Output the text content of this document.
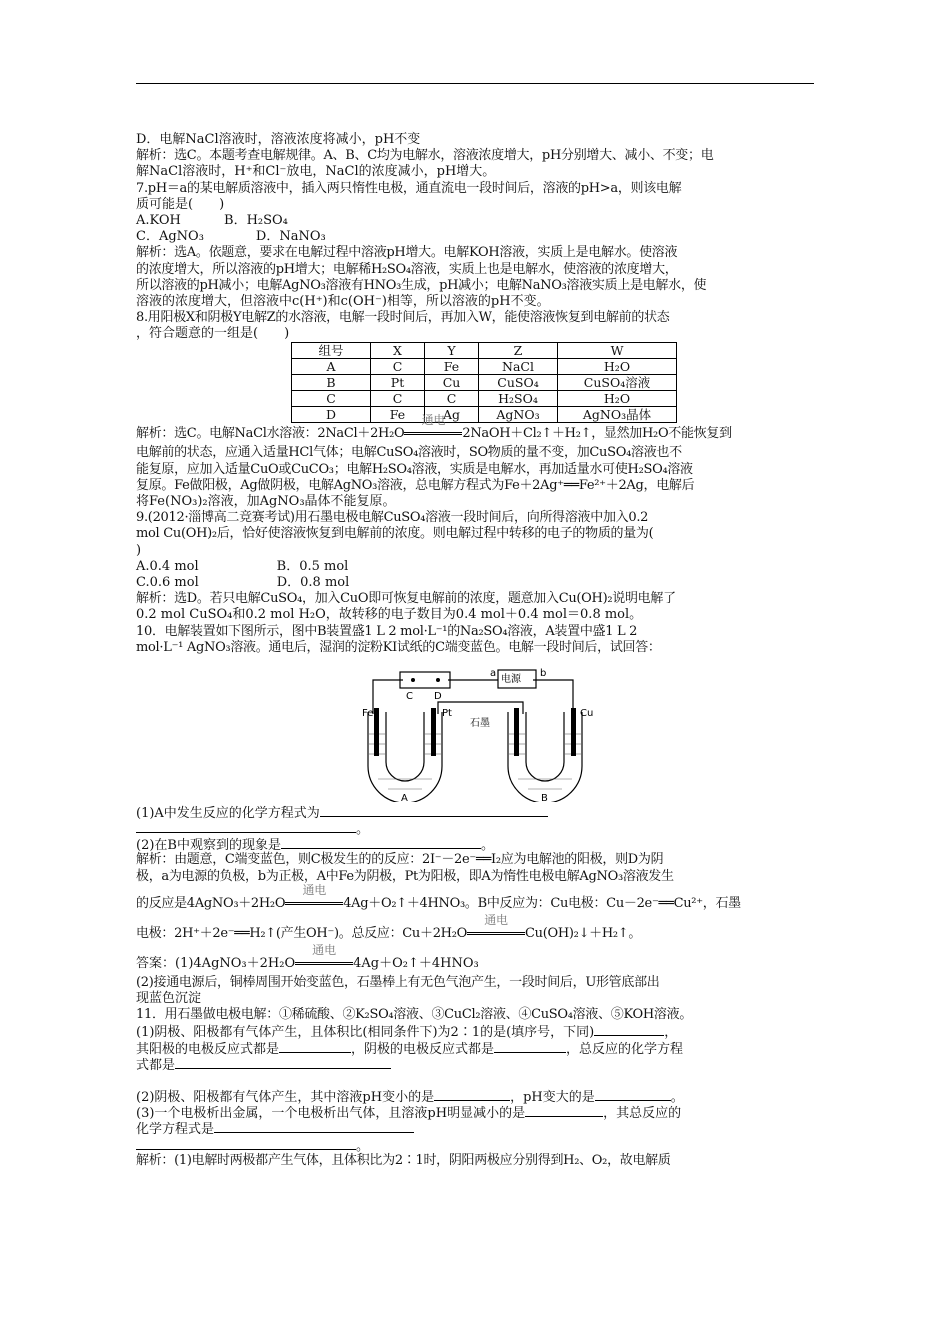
D．电解NaCl溶液时，溶液浓度将减小，pH不变
解析：选C。本题考查电解规律。A、B、C均为电解水，溶液浓度增大，pH分别增大、减小、不变；电
解NaCl溶液时，H⁺和Cl⁻放电，NaCl的浓度减小，pH增大。
7.pH＝a的某电解质溶液中，插入两只惰性电极，通直流电一段时间后，溶液的pH>a，则该电解
质可能是(　　)
A.KOH　　　 B．H₂SO₄
C．AgNO₃　　　　D．NaNO₃
解析：选A。依题意，要求在电解过程中溶液pH增大。电解KOH溶液，实质上是电解水。使溶液
的浓度增大，所以溶液的pH增大；电解稀H₂SO₄溶液，实质上也是电解水，使溶液的浓度增大，
所以溶液的pH减小；电解AgNO₃溶液有HNO₃生成，pH减小；电解NaNO₃溶液实质上是电解水，使
溶液的浓度增大，但溶液中c(H⁺)和c(OH⁻)相等，所以溶液的pH不变。
8.用阳极X和阴极Y电解Z的水溶液，电解一段时间后，再加入W，能使溶液恢复到电解前的状态
，符合题意的一组是(　　)
组号	X	Y	Z	W
A	C	Fe	NaCl	H₂O
B	Pt	Cu	CuSO₄	CuSO₄溶液
C	C	C	H₂SO₄	H₂O
D	Fe	Ag	AgNO₃	AgNO₃晶体
解析：选C。电解NaCl水溶液：2NaCl＋2H₂O
通电
2NaOH＋Cl₂↑＋H₂↑，显然加H₂O不能恢复到
电解前的状态，应通入适量HCl气体；电解CuSO₄溶液时，SO物质的量不变，加CuSO₄溶液也不
能复原，应加入适量CuO或CuCO₃；电解H₂SO₄溶液，实质是电解水，再加适量水可使H₂SO₄溶液
复原。Fe做阳极，Ag做阴极，电解AgNO₃溶液，总电解方程式为Fe＋2Ag⁺══Fe²⁺＋2Ag，电解后
将Fe(NO₃)₂溶液，加AgNO₃晶体不能复原。
9.(2012·淄博高二竞赛考试)用石墨电极电解CuSO₄溶液一段时间后，向所得溶液中加入0.2
mol Cu(OH)₂后，恰好使溶液恢复到电解前的浓度。则电解过程中转移的电子的物质的量为(
)
A.0.4 mol　　　　　　B．0.5 mol
C.0.6 mol　　　　　　D．0.8 mol
解析：选D。若只电解CuSO₄，加入CuO即可恢复电解前的浓度，题意加入Cu(OH)₂说明电解了
0.2 mol CuSO₄和0.2 mol H₂O，故转移的电子数目为0.4 mol＋0.4 mol＝0.8 mol。
10．电解装置如下图所示，图中B装置盛1 L 2 mol·L⁻¹的Na₂SO₄溶液，A装置中盛1 L 2
mol·L⁻¹ AgNO₃溶液。通电后，湿润的淀粉KI试纸的C端变蓝色。电解一段时间后，试回答：
C D
电源
a	b
Fe	Pt
石墨
Cu
A	B
(1)A中发生反应的化学方程式为
。
(2)在B中观察到的现象是	。
解析：由题意，C端变蓝色，则C极发生的的反应：2I⁻－2e⁻══I₂应为电解池的阳极，则D为阴
极，a为电源的负极，b为正极，A中Fe为阴极，Pt为阳极，即A为惰性电极电解AgNO₃溶液发生
的反应是4AgNO₃＋2H₂O
通电
4Ag＋O₂↑＋4HNO₃。B中反应为：Cu电极：Cu－2e⁻══Cu²⁺，石墨
电极：2H⁺＋2e⁻══H₂↑(产生OH⁻)。总反应：Cu＋2H₂O
通电
Cu(OH)₂↓＋H₂↑。
答案：(1)4AgNO₃＋2H₂O
通电
4Ag＋O₂↑＋4HNO₃
(2)接通电源后，铜棒周围开始变蓝色，石墨棒上有无色气泡产生，一段时间后，U形管底部出
现蓝色沉淀
11．用石墨做电极电解：①稀硫酸、②K₂SO₄溶液、③CuCl₂溶液、④CuSO₄溶液、⑤KOH溶液。
(1)阴极、阳极都有气体产生，且体积比(相同条件下)为2∶1的是(填序号，下同)	，
其阳极的电极反应式都是	，阴极的电极反应式都是	，总反应的化学方程
式都是
(2)阴极、阳极都有气体产生，其中溶液pH变小的是	，pH变大的是	。
(3)一个电极析出金属，一个电极析出气体，且溶液pH明显减小的是	，其总反应的
化学方程式是
。
解析：(1)电解时两极都产生气体，且体积比为2∶1时，阴阳两极应分别得到H₂、O₂，故电解质
